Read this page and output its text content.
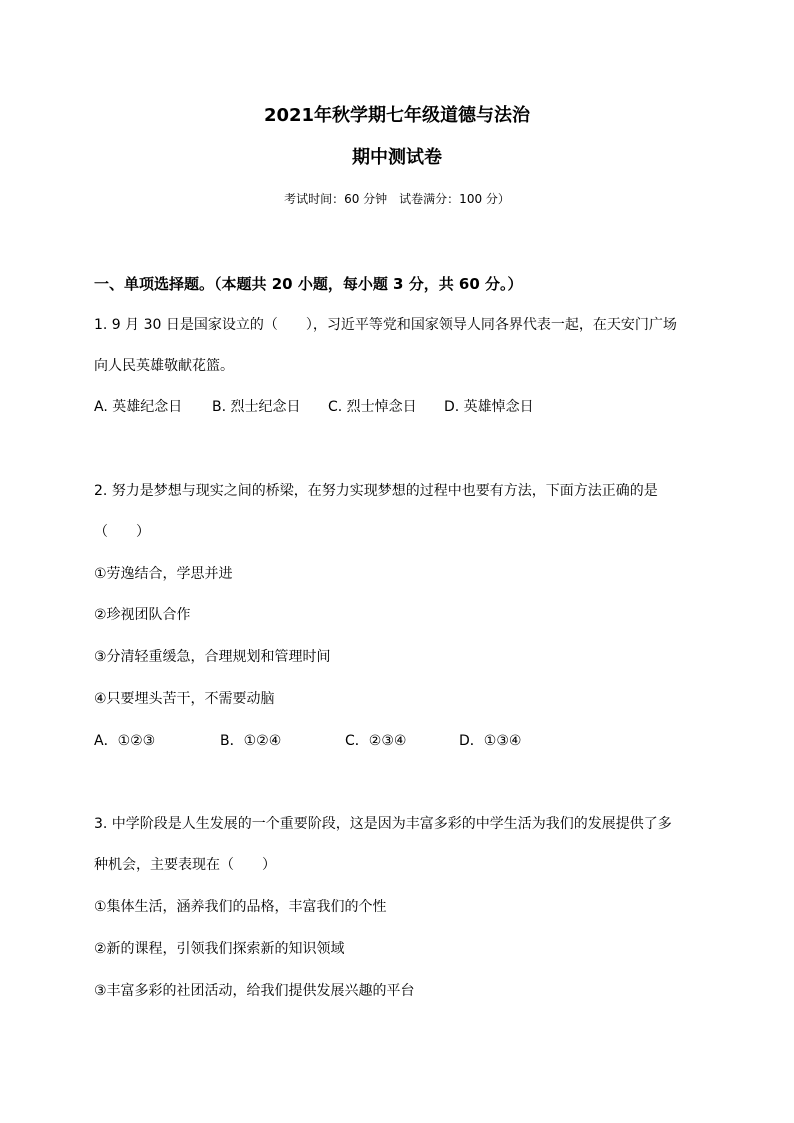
2021年秋学期七年级道德与法治
期中测试卷
考试时间：60 分钟　试卷满分：100 分）
一、单项选择题。（本题共 20 小题，每小题 3 分，共 60 分。）
1. 9 月 30 日是国家设立的（　　），习近平等党和国家领导人同各界代表一起，在天安门广场
向人民英雄敬献花篮。
A. 英雄纪念日 B. 烈士纪念日 C. 烈士悼念日 D. 英雄悼念日
2. 努力是梦想与现实之间的桥梁，在努力实现梦想的过程中也要有方法，下面方法正确的是
（　　）
①劳逸结合，学思并进
②珍视团队合作
③分清轻重缓急，合理规划和管理时间
④只要埋头苦干，不需要动脑
A．①②③	B．①②④	C．②③④	D．①③④
3. 中学阶段是人生发展的一个重要阶段，这是因为丰富多彩的中学生活为我们的发展提供了多
种机会，主要表现在（　　）
①集体生活，涵养我们的品格，丰富我们的个性
②新的课程，引领我们探索新的知识领域
③丰富多彩的社团活动，给我们提供发展兴趣的平台
